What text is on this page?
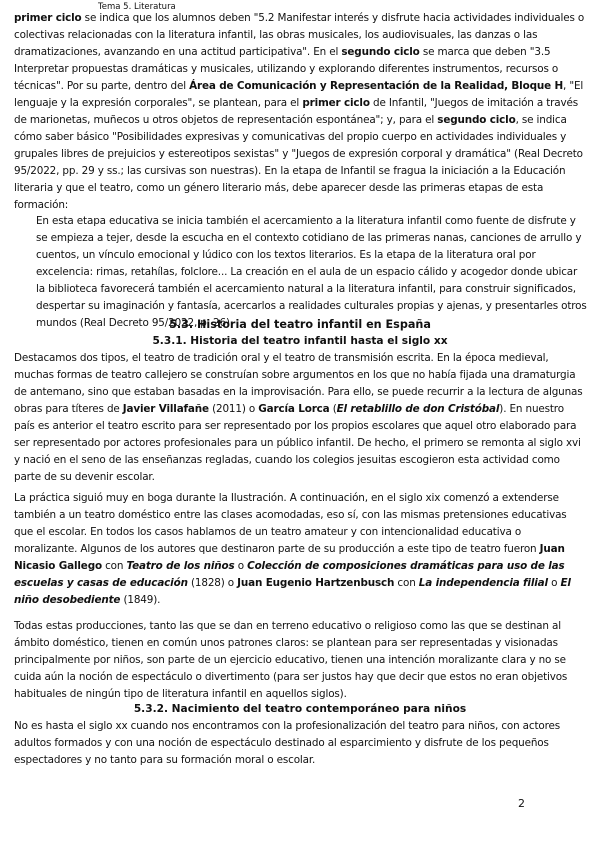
Tema 5. Literatura
primer ciclo se indica que los alumnos deben "5.2 Manifestar interés y disfrute hacia actividades individuales o colectivas relacionadas con la literatura infantil, las obras musicales, los audiovisuales, las danzas o las dramatizaciones, avanzando en una actitud participativa". En el segundo ciclo se marca que deben "3.5 Interpretar propuestas dramáticas y musicales, utilizando y explorando diferentes instrumentos, recursos o técnicas". Por su parte, dentro del Área de Comunicación y Representación de la Realidad, Bloque H, "El lenguaje y la expresión corporales", se plantean, para el primer ciclo de Infantil, "Juegos de imitación a través de marionetas, muñecos u otros objetos de representación espontánea"; y, para el segundo ciclo, se indica cómo saber básico "Posibilidades expresivas y comunicativas del propio cuerpo en actividades individuales y grupales libres de prejuicios y estereotipos sexistas" y "Juegos de expresión corporal y dramática" (Real Decreto 95/2022, pp. 29 y ss.; las cursivas son nuestras). En la etapa de Infantil se fragua la iniciación a la Educación literaria y que el teatro, como un género literario más, debe aparecer desde las primeras etapas de esta formación:
En esta etapa educativa se inicia también el acercamiento a la literatura infantil como fuente de disfrute y se empieza a tejer, desde la escucha en el contexto cotidiano de las primeras nanas, canciones de arrullo y cuentos, un vínculo emocional y lúdico con los textos literarios. Es la etapa de la literatura oral por excelencia: rimas, retahílas, folclore... La creación en el aula de un espacio cálido y acogedor donde ubicar la biblioteca favorecerá también el acercamiento natural a la literatura infantil, para construir significados, despertar su imaginación y fantasía, acercarlos a realidades culturales propias y ajenas, y presentarles otros mundos (Real Decreto 95/2022, p. 26).
5.3. Historia del teatro infantil en España
5.3.1. Historia del teatro infantil hasta el siglo xx
Destacamos dos tipos, el teatro de tradición oral y el teatro de transmisión escrita. En la época medieval, muchas formas de teatro callejero se construían sobre argumentos en los que no había fijada una dramaturgia de antemano, sino que estaban basadas en la improvisación. Para ello, se puede recurrir a la lectura de algunas obras para títeres de Javier Villafañe (2011) o García Lorca (El retablillo de don Cristóbal). En nuestro país es anterior el teatro escrito para ser representado por los propios escolares que aquel otro elaborado para ser representado por actores profesionales para un público infantil. De hecho, el primero se remonta al siglo xvi y nació en el seno de las enseñanzas regladas, cuando los colegios jesuitas escogieron esta actividad como parte de su devenir escolar.
La práctica siguió muy en boga durante la Ilustración. A continuación, en el siglo xix comenzó a extenderse también a un teatro doméstico entre las clases acomodadas, eso sí, con las mismas pretensiones educativas que el escolar. En todos los casos hablamos de un teatro amateur y con intencionalidad educativa o moralizante. Algunos de los autores que destinaron parte de su producción a este tipo de teatro fueron Juan Nicasio Gallego con Teatro de los niños o Colección de composiciones dramáticas para uso de las escuelas y casas de educación (1828) o Juan Eugenio Hartzenbusch con La independencia filial o El niño desobediente (1849).
Todas estas producciones, tanto las que se dan en terreno educativo o religioso como las que se destinan al ámbito doméstico, tienen en común unos patrones claros: se plantean para ser representadas y visionadas principalmente por niños, son parte de un ejercicio educativo, tienen una intención moralizante clara y no se cuida aún la noción de espectáculo o divertimento (para ser justos hay que decir que estos no eran objetivos habituales de ningún tipo de literatura infantil en aquellos siglos).
5.3.2. Nacimiento del teatro contemporáneo para niños
No es hasta el siglo xx cuando nos encontramos con la profesionalización del teatro para niños, con actores adultos formados y con una noción de espectáculo destinado al esparcimiento y disfrute de los pequeños espectadores y no tanto para su formación moral o escolar.
2
